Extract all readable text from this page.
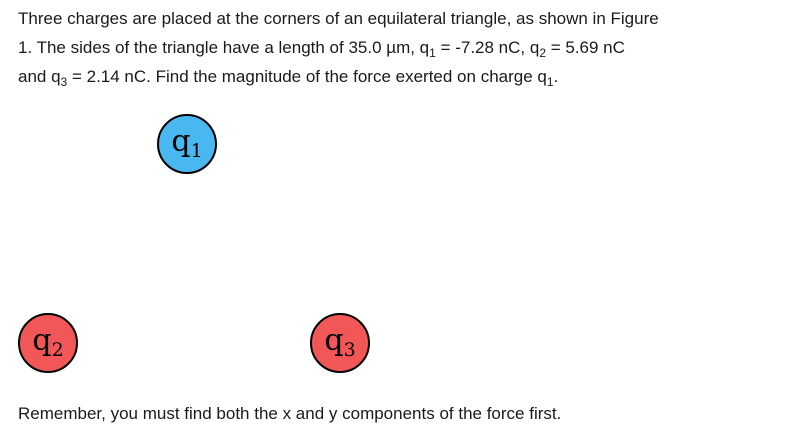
Three charges are placed at the corners of an equilateral triangle, as shown in Figure
1. The sides of the triangle have a length of 35.0 µm, $q_1 = -7.28$ nC, $q_2 = 5.69$ nC
and $q_3 = 2.14$ nC. Find the magnitude of the force exerted on charge $q_1$.
$q_1$
$q_2$	$q_3$
Remember, you must find both the x and y components of the force first.
